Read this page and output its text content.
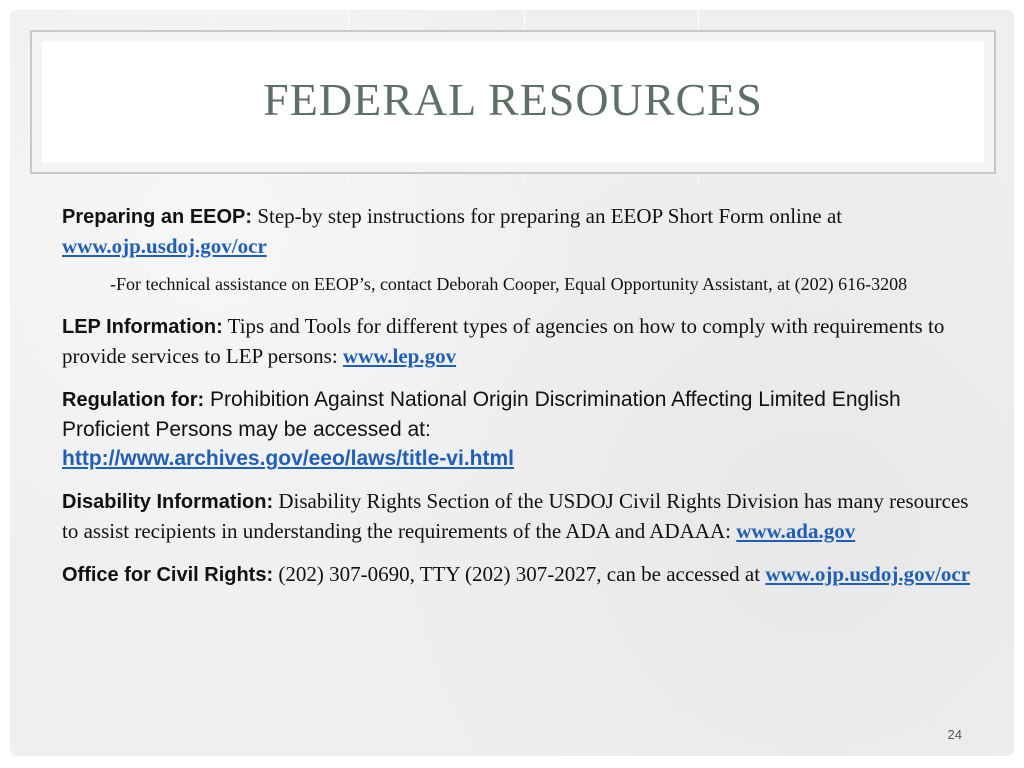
FEDERAL RESOURCES

Preparing an EEOP: Step-by step instructions for preparing an EEOP Short Form online at www.ojp.usdoj.gov/ocr

-For technical assistance on EEOP’s, contact Deborah Cooper, Equal Opportunity Assistant, at (202) 616-3208

LEP Information: Tips and Tools for different types of agencies on how to comply with requirements to provide services to LEP persons: www.lep.gov

Regulation for: Prohibition Against National Origin Discrimination Affecting Limited English Proficient Persons may be accessed at:
http://www.archives.gov/eeo/laws/title-vi.html

Disability Information: Disability Rights Section of the USDOJ Civil Rights Division has many resources to assist recipients in understanding the requirements of the ADA and ADAAA: www.ada.gov

Office for Civil Rights: (202) 307-0690, TTY (202) 307-2027, can be accessed at www.ojp.usdoj.gov/ocr

24
